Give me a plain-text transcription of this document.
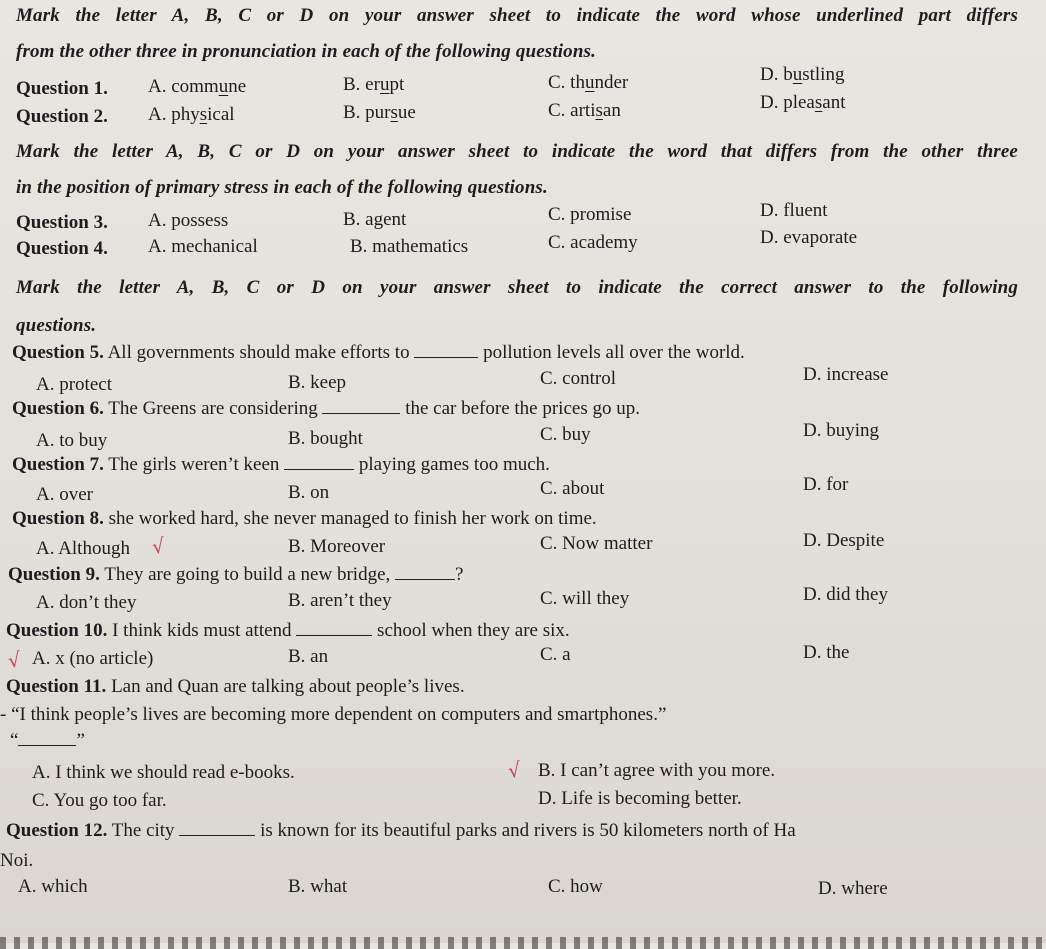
Mark the letter A, B, C or D on your answer sheet to indicate the word whose underlined part differs
from the other three in pronunciation in each of the following questions.
Question 1. A. commune	B. erupt	C. thunder	D. bustling
Question 2. A. physical	B. pursue	C. artisan	D. pleasant
Mark the letter A, B, C or D on your answer sheet to indicate the word that differs from the other three
in the position of primary stress in each of the following questions.
Question 3. A. possess	B. agent	C. promise	D. fluent
Question 4. A. mechanical	B. mathematics	C. academy	D. evaporate
Mark the letter A, B, C or D on your answer sheet to indicate the correct answer to the following
questions.
Question 5. All governments should make efforts to	pollution levels all over the world.
A. protect	B. keep	C. control	D. increase
Question 6. The Greens are considering	the car before the prices go up.
A. to buy	B. bought	C. buy	D. buying
Question 7. The girls weren’t keen	playing games too much.
A. over	B. on	C. about	D. for
Question 8. she worked hard, she never managed to finish her work on time.
A. Although √	B. Moreover	C. Now matter	D. Despite
Question 9. They are going to build a new bridge,	?
A. don’t they	B. aren’t they	C. will they	D. did they
Question 10. I think kids must attend	school when they are six.
√ A. x (no article)	B. an	C. a	D. the
Question 11. Lan and Quan are talking about people’s lives.
- “I think people’s lives are becoming more dependent on computers and smartphones.”
“	”
A. I think we should read e-books.	√ B. I can’t agree with you more.
C. You go too far.	D. Life is becoming better.
Question 12. The city	is known for its beautiful parks and rivers is 50 kilometers north of Ha
Noi.
A. which	B. what	C. how	D. where
